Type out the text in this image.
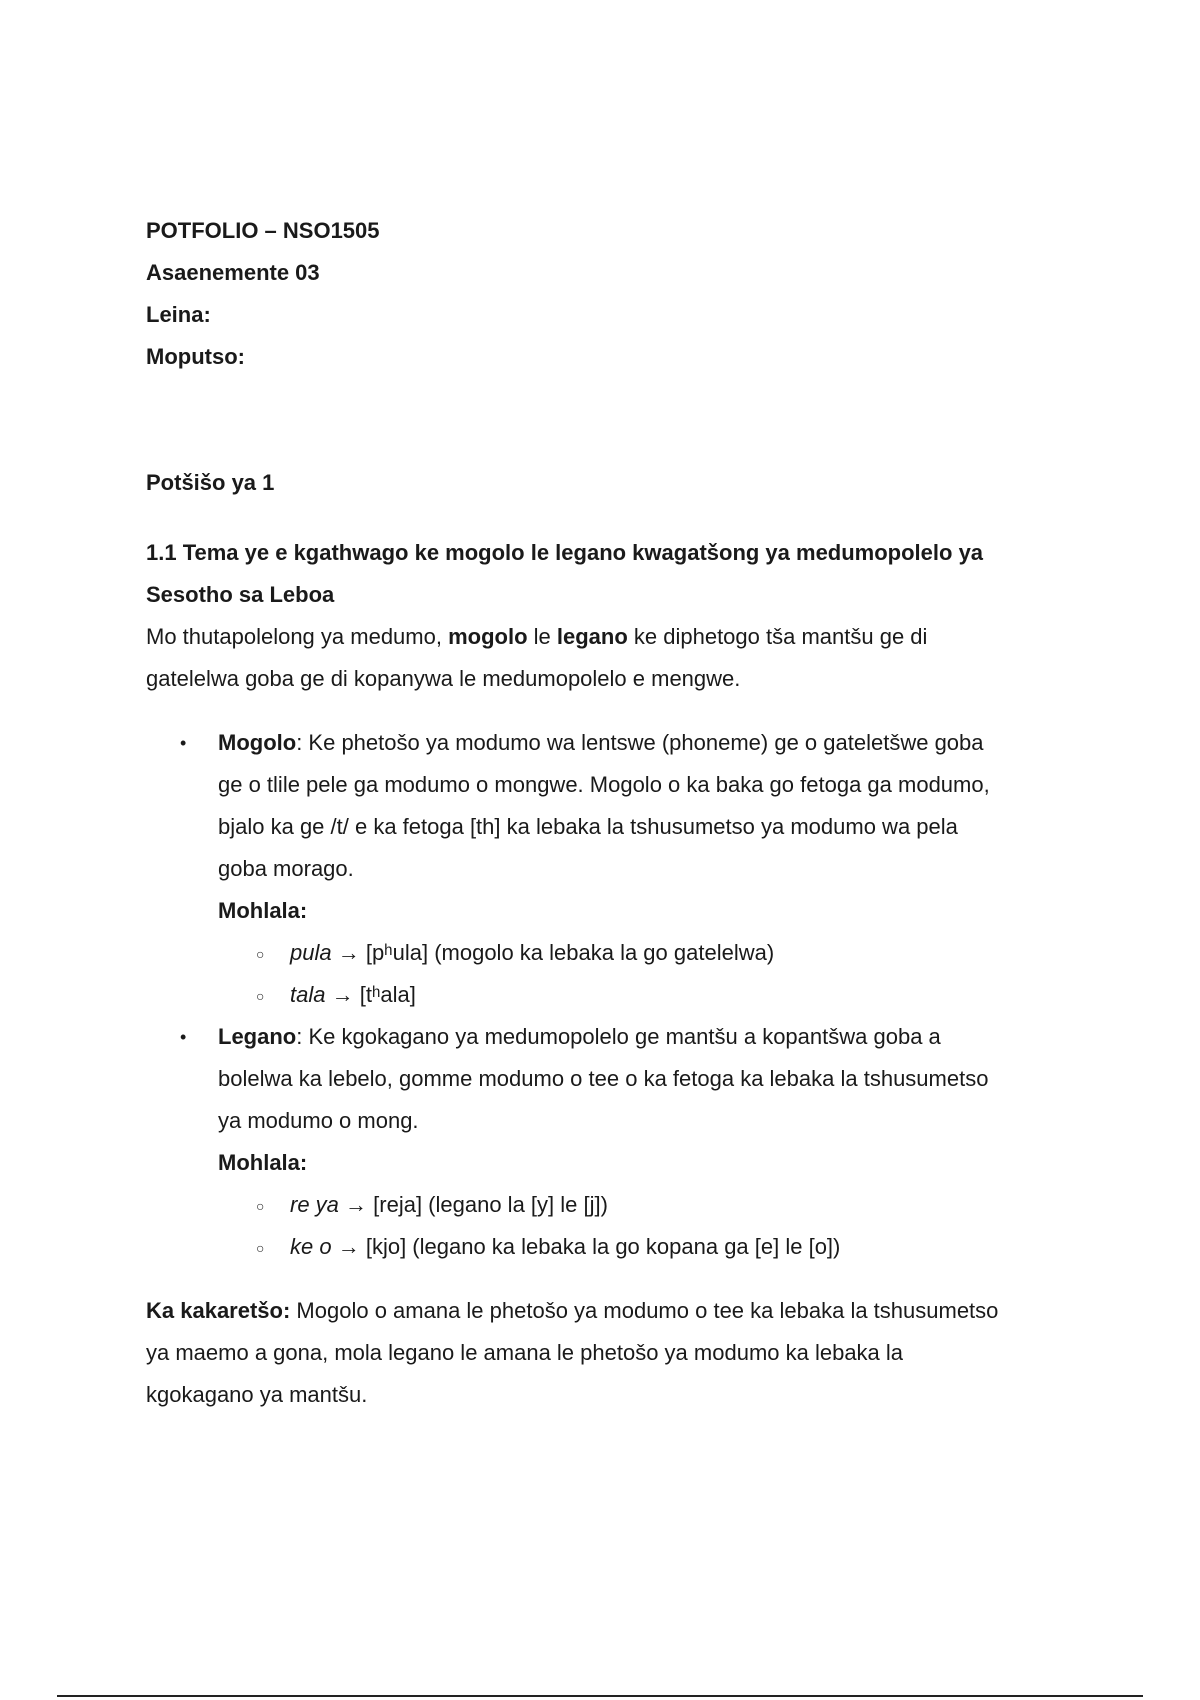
POTFOLIO – NSO1505
Asaenemente 03
Leina:
Moputso:
Potšišo ya 1
1.1 Tema ye e kgathwago ke mogolo le legano kwagatšong ya medumopolelo ya
Sesotho sa Leboa
Mo thutapolelong ya medumo, mogolo le legano ke diphetogo tša mantšu ge di
gatelelwa goba ge di kopanywa le medumopolelo e mengwe.
• Mogolo: Ke phetošo ya modumo wa lentswe (phoneme) ge o gateletšwe goba
ge o tlile pele ga modumo o mongwe. Mogolo o ka baka go fetoga ga modumo,
bjalo ka ge /t/ e ka fetoga [th] ka lebaka la tshusumetso ya modumo wa pela
goba morago.
Mohlala:
○ pula → [pʰula] (mogolo ka lebaka la go gatelelwa)
○ tala → [tʰala]
• Legano: Ke kgokagano ya medumopolelo ge mantšu a kopantšwa goba a
bolelwa ka lebelo, gomme modumo o tee o ka fetoga ka lebaka la tshusumetso
ya modumo o mong.
Mohlala:
○ re ya → [reja] (legano la [y] le [j])
○ ke o → [kjo] (legano ka lebaka la go kopana ga [e] le [o])
Ka kakaretšo: Mogolo o amana le phetošo ya modumo o tee ka lebaka la tshusumetso
ya maemo a gona, mola legano le amana le phetošo ya modumo ka lebaka la
kgokagano ya mantšu.
